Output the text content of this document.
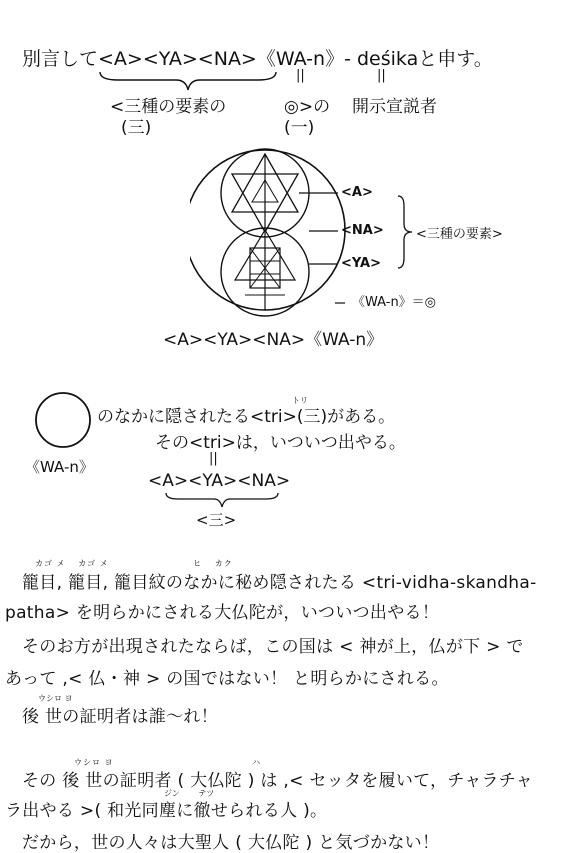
別言して<A><YA><NA>《WA-n》- deśikaと申す。
||	||
<三種の要素の
(三)
◎>の
(一)
開示宣説者
<A>
<NA>
<YA>
<三種の要素>
《WA-n》＝◎
<A><YA><NA>《WA-n》
《WA-n》
トリ
のなかに隠されたる<tri>(三)がある。
その<tri>は，いついつ出やる。
||
<A><YA><NA>
<三>
カゴ メ　 カゴ メ　　　　　　　　　 ヒ　 カク
籠目, 籠目, 籠目紋のなかに秘め隠されたる <tri-vidha-skandha-
patha> を明らかにされる大仏陀が，いついつ出やる！
そのお方が出現されたならば，この国は < 神が上，仏が下 > で
あって ,< 仏・神 > の国ではない！ と明らかにされる。
ウシロ ヨ
後 世の証明者は誰〜れ！
ウシロ ヨ　　　　　　　　　　　　　　　 ハ
その 後 世の証明者 ( 大仏陀 ) は ,< セッタを履いて，チャラチャ
ジン　　 テツ
ラ出やる >( 和光同塵に徹せられる人 )。
だから，世の人々は大聖人 ( 大仏陀 ) と気づかない！
